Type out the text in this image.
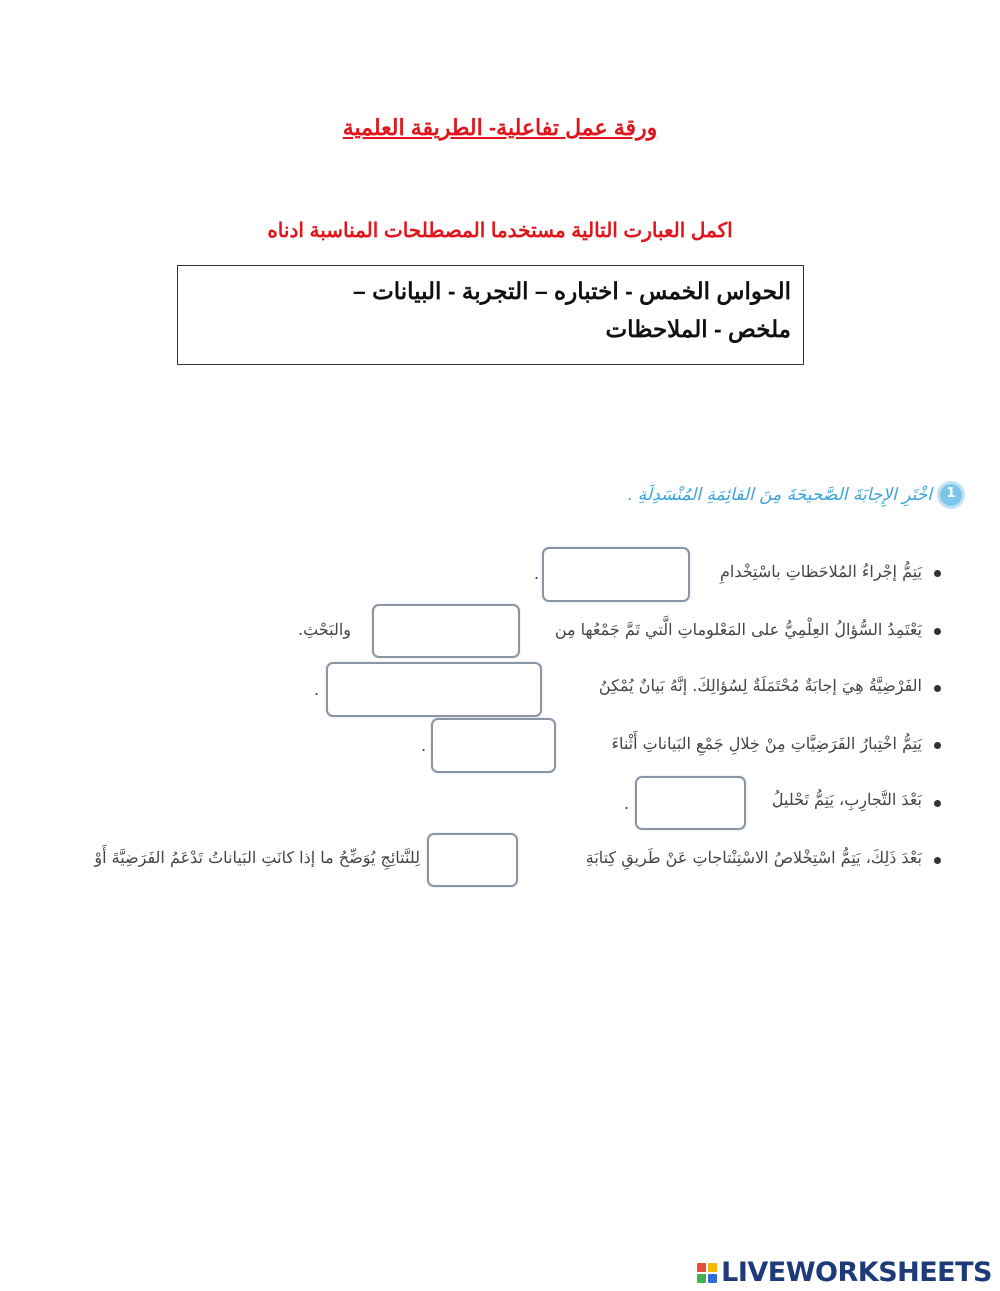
ورقة عمل تفاعلية- الطريقة العلمية
اكمل العبارت التالية مستخدما المصطلحات المناسبة ادناه
الحواس الخمس - اختباره – التجربة - البيانات –
ملخص - الملاحظات
1
اخْتَرِ الإِجابَةَ الصَّحيحَةَ مِنَ القائِمَةِ المُنْسَدِلَةِ .
يَتِمُّ إجْراءُ المُلاحَظاتِ باسْتِخْدامِ
.
يَعْتَمِدُ السُّؤالُ العِلْمِيُّ على المَعْلوماتِ الَّتي تَمَّ جَمْعُها مِن
والبَحْثِ.
الفَرْضِيَّةُ هِيَ إجابَةٌ مُحْتَمَلَةٌ لِسُؤالِكَ. إنَّهُ بَيانٌ يُمْكِنُ
.
يَتِمُّ اخْتِبارُ الفَرَضِيَّاتِ مِنْ خِلالِ جَمْعِ البَياناتِ أَثْناءَ
.
بَعْدَ التَّجارِبِ، يَتِمُّ تَحْليلُ
.
بَعْدَ ذَلِكَ، يَتِمُّ اسْتِخْلاصُ الاسْتِنْتاجاتِ عَنْ طَريقِ كِتابَةِ
لِلنَّتائِجِ يُوَضِّحُ ما إذا كانَتِ البَياناتُ تَدْعَمُ الفَرَضِيَّةَ أَوْ
LIVEWORKSHEETS
